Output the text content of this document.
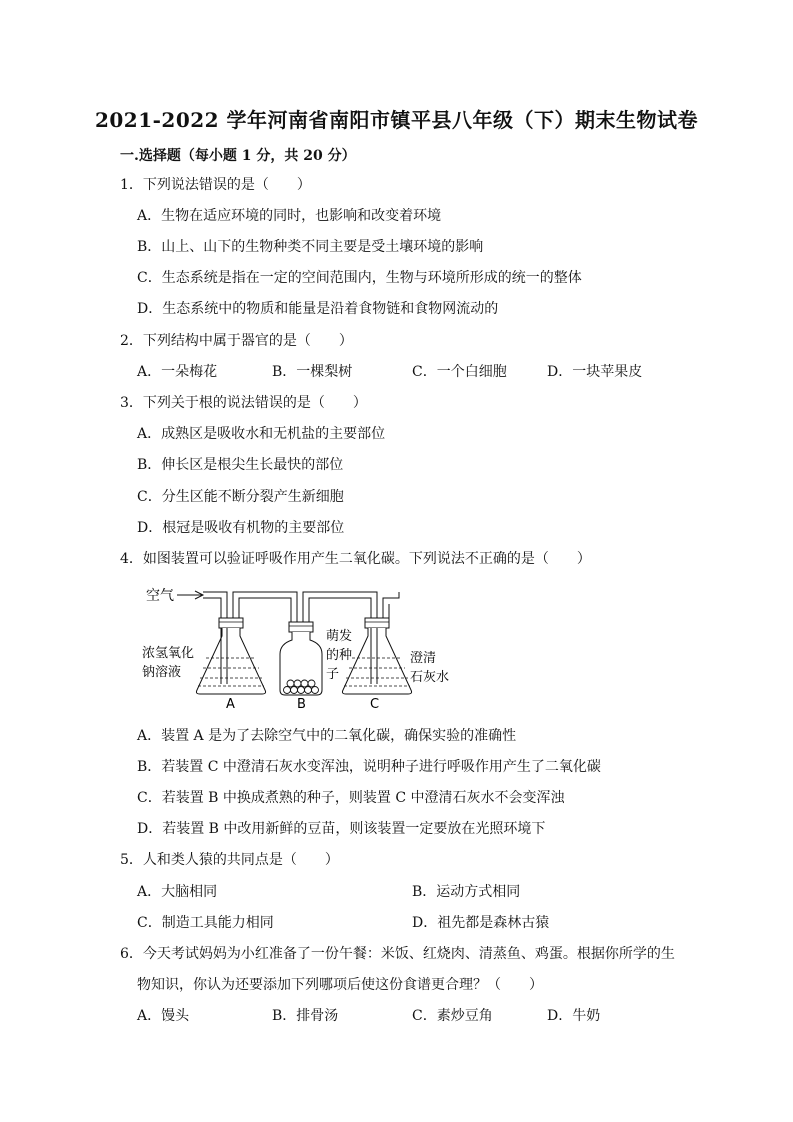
2021-2022 学年河南省南阳市镇平县八年级（下）期末生物试卷
一.选择题（每小题 1 分，共 20 分）
1．下列说法错误的是（　　）
A．生物在适应环境的同时，也影响和改变着环境
B．山上、山下的生物种类不同主要是受土壤环境的影响
C．生态系统是指在一定的空间范围内，生物与环境所形成的统一的整体
D．生态系统中的物质和能量是沿着食物链和食物网流动的
2．下列结构中属于器官的是（　　）
A．一朵梅花	B．一棵梨树	C．一个白细胞	D．一块苹果皮
3．下列关于根的说法错误的是（　　）
A．成熟区是吸收水和无机盐的主要部位
B．伸长区是根尖生长最快的部位
C．分生区能不断分裂产生新细胞
D．根冠是吸收有机物的主要部位
4．如图装置可以验证呼吸作用产生二氧化碳。下列说法不正确的是（　　）
空气
浓氢氧化
钠溶液
萌发
的种
子
澄清
石灰水
A	B	C
A．装置 A 是为了去除空气中的二氧化碳，确保实验的准确性
B．若装置 C 中澄清石灰水变浑浊，说明种子进行呼吸作用产生了二氧化碳
C．若装置 B 中换成煮熟的种子，则装置 C 中澄清石灰水不会变浑浊
D．若装置 B 中改用新鲜的豆苗，则该装置一定要放在光照环境下
5．人和类人猿的共同点是（　　）
A．大脑相同	B．运动方式相同
C．制造工具能力相同	D．祖先都是森林古猿
6．今天考试妈妈为小红准备了一份午餐：米饭、红烧肉、清蒸鱼、鸡蛋。根据你所学的生
物知识，你认为还要添加下列哪项后使这份食谱更合理？（　　）
A．馒头	B．排骨汤	C．素炒豆角	D．牛奶
